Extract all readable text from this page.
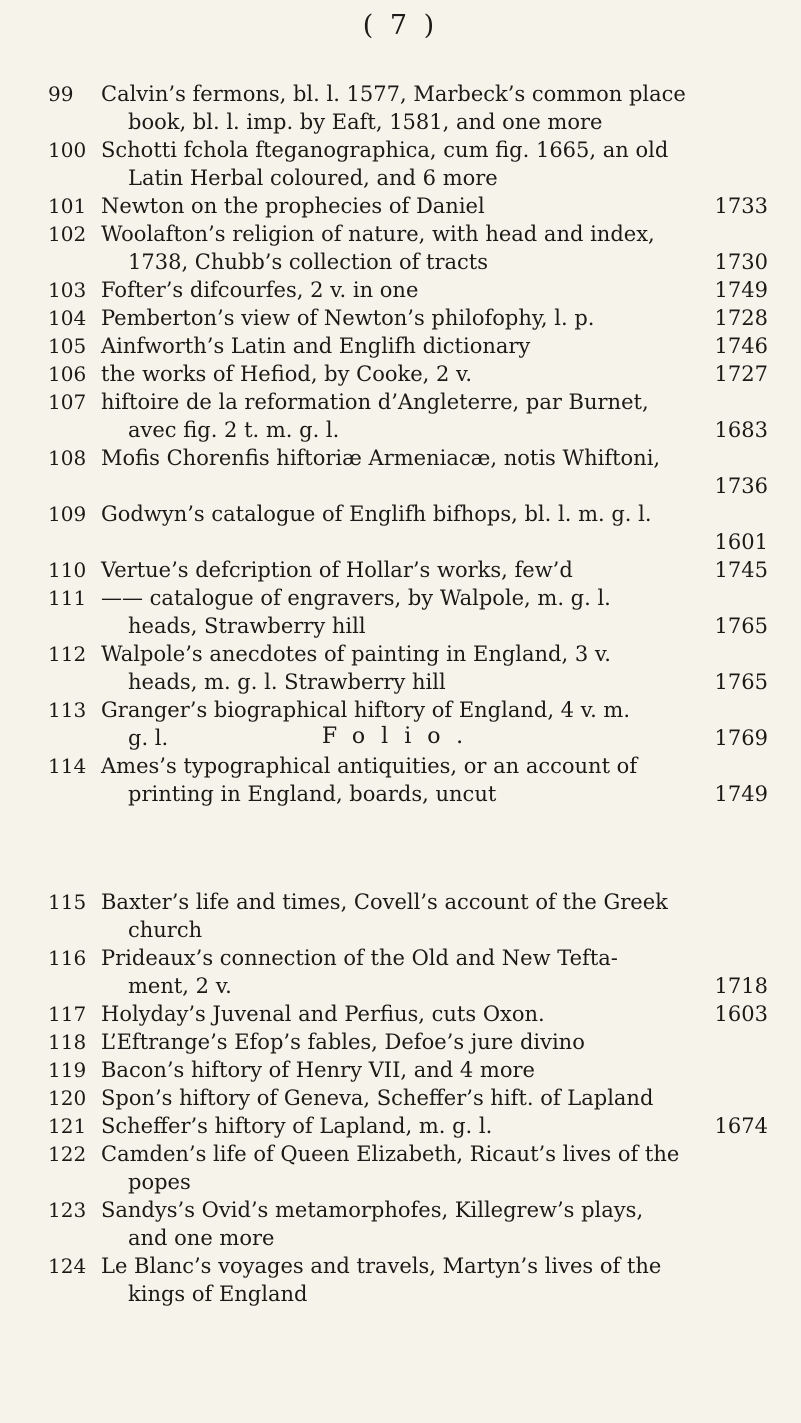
( 7 )
Folio.
99	Calvin’s fermons, bl. l. 1577, Marbeck’s common place
book, bl. l. imp. by Eaft, 1581, and one more
100 Schotti fchola fteganographica, cum fig. 1665, an old
Latin Herbal coloured, and 6 more
101 Newton on the prophecies of Daniel	1733
102 Woolafton’s religion of nature, with head and index,
1738, Chubb’s collection of tracts	1730
103 Fofter’s difcourfes, 2 v. in one	1749
104 Pemberton’s view of Newton’s philofophy, l. p.	1728
105 Ainfworth’s Latin and Englifh dictionary	1746
106 the works of Hefiod, by Cooke, 2 v.	1727
107 hiftoire de la reformation d’Angleterre, par Burnet,
avec fig. 2 t. m. g. l.	1683
108 Mofis Chorenfis hiftoriæ Armeniacæ, notis Whiftoni,
1736
109 Godwyn’s catalogue of Englifh bifhops, bl. l. m. g. l.
1601
110 Vertue’s defcription of Hollar’s works, few’d	1745
111 —— catalogue of engravers, by Walpole, m. g. l.
heads, Strawberry hill	1765
112 Walpole’s anecdotes of painting in England, 3 v.
heads, m. g. l. Strawberry hill	1765
113 Granger’s biographical hiftory of England, 4 v. m.
g. l.	1769
114 Ames’s typographical antiquities, or an account of
printing in England, boards, uncut	1749
115 Baxter’s life and times, Covell’s account of the Greek
church
116 Prideaux’s connection of the Old and New Tefta-
ment, 2 v.	1718
117 Holyday’s Juvenal and Perfius, cuts Oxon.	1603
118 L’Eftrange’s Efop’s fables, Defoe’s jure divino
119 Bacon’s hiftory of Henry VII, and 4 more
120 Spon’s hiftory of Geneva, Scheffer’s hift. of Lapland
121 Scheffer’s hiftory of Lapland, m. g. l.	1674
122 Camden’s life of Queen Elizabeth, Ricaut’s lives of the
popes
123 Sandys’s Ovid’s metamorphofes, Killegrew’s plays,
and one more
124 Le Blanc’s voyages and travels, Martyn’s lives of the
kings of England
